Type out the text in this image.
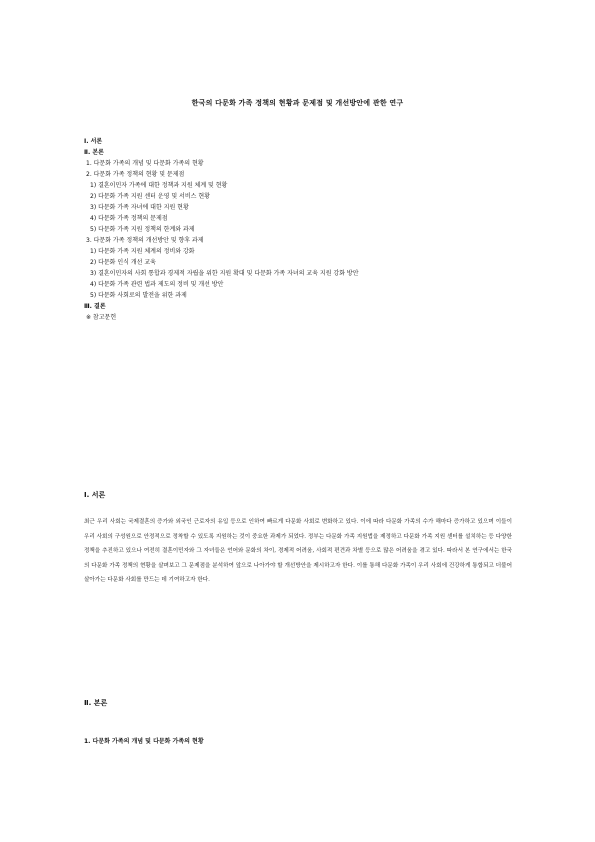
한국의 다문화 가족 정책의 현황과 문제점 및 개선방안에 관한 연구
Ⅰ. 서론
Ⅱ. 본론
1. 다문화 가족의 개념 및 다문화 가족의 현황
2. 다문화 가족 정책의 현황 및 문제점
1) 결혼이민자 가족에 대한 정책과 지원 체계 및 현황
2) 다문화 가족 지원 센터 운영 및 서비스 현황
3) 다문화 가족 자녀에 대한 지원 현황
4) 다문화 가족 정책의 문제점
5) 다문화 가족 지원 정책의 한계와 과제
3. 다문화 가족 정책의 개선방안 및 향후 과제
1) 다문화 가족 지원 체계의 정비와 강화
2) 다문화 인식 개선 교육
3) 결혼이민자의 사회 통합과 경제적 자립을 위한 지원 확대 및 다문화 가족 자녀의 교육 지원 강화 방안
4) 다문화 가족 관련 법과 제도의 정비 및 개선 방안
5) 다문화 사회로의 발전을 위한 과제
Ⅲ. 결론
※ 참고문헌
Ⅰ. 서론
최근 우리 사회는 국제결혼의 증가와 외국인 근로자의 유입 등으로 인하여 빠르게 다문화 사회로 변화하고 있다. 이에 따라 다문화 가족의 수가 해마다 증가하고 있으며 이들이 우리 사회의 구성원으로 안정적으로 정착할 수 있도록 지원하는 것이 중요한 과제가 되었다. 정부는 다문화 가족 지원법을 제정하고 다문화 가족 지원 센터를 설치하는 등 다양한 정책을 추진하고 있으나 여전히 결혼이민자와 그 자녀들은 언어와 문화의 차이, 경제적 어려움, 사회적 편견과 차별 등으로 많은 어려움을 겪고 있다. 따라서 본 연구에서는 한국의 다문화 가족 정책의 현황을 살펴보고 그 문제점을 분석하여 앞으로 나아가야 할 개선방안을 제시하고자 한다. 이를 통해 다문화 가족이 우리 사회에 건강하게 통합되고 더불어 살아가는 다문화 사회를 만드는 데 기여하고자 한다.
Ⅱ. 본론
1. 다문화 가족의 개념 및 다문화 가족의 현황
